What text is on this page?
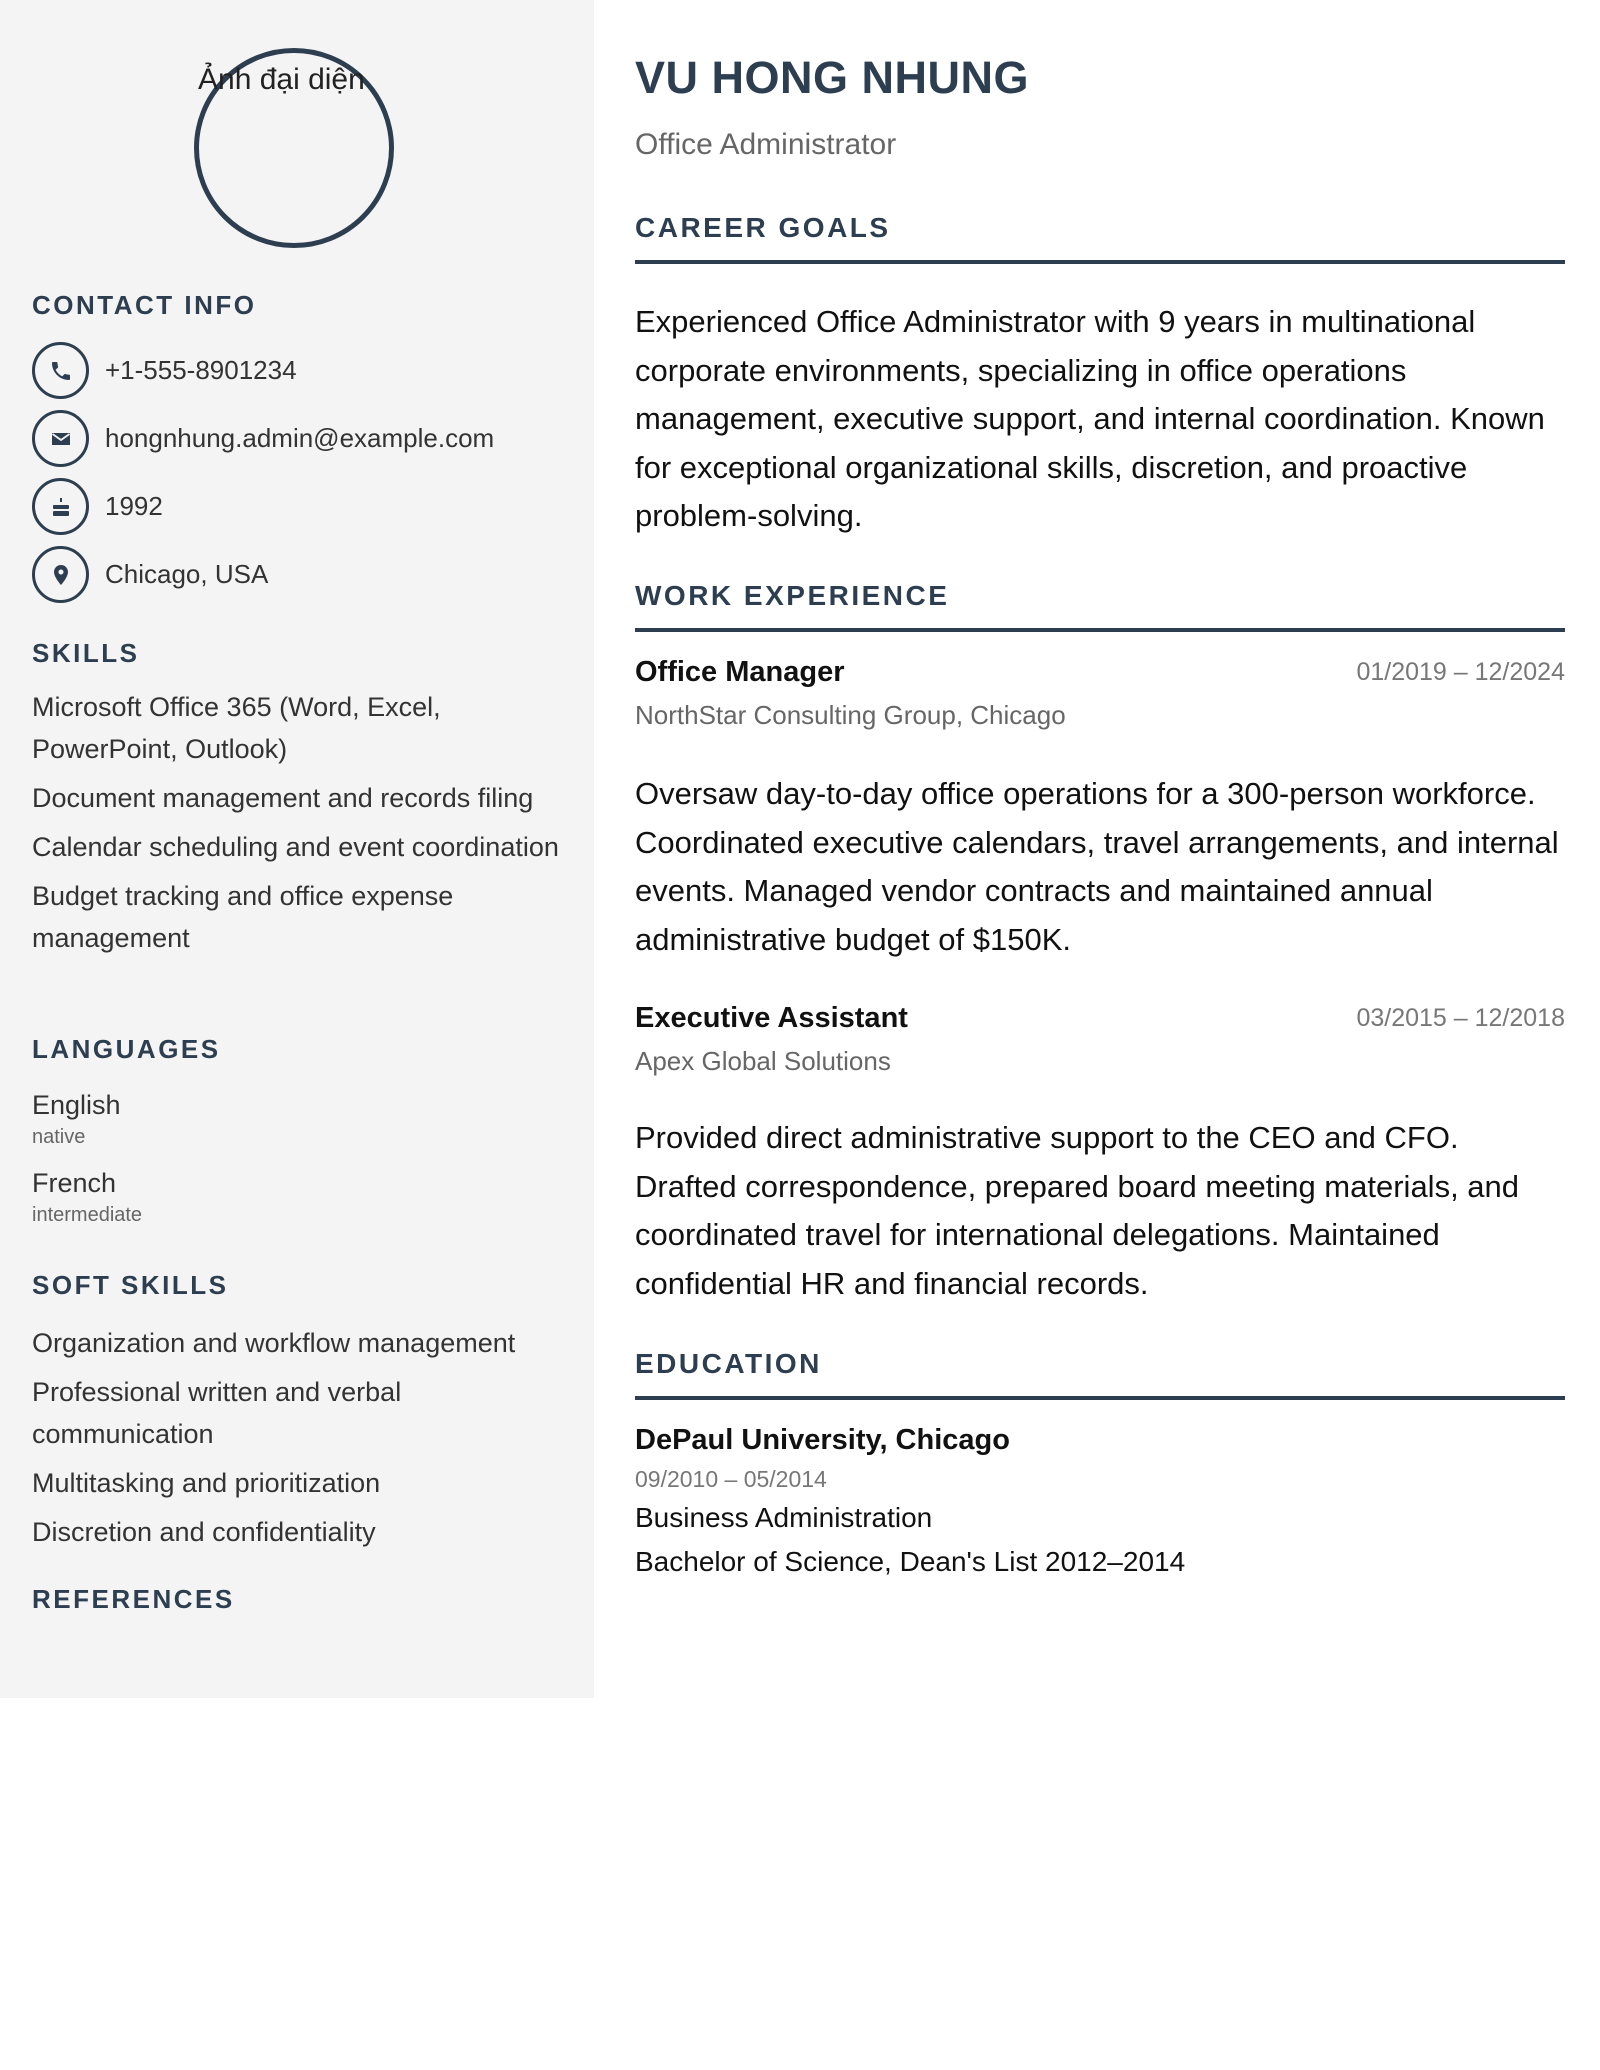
Ảnh đại diện
CONTACT INFO
+1-555-8901234
hongnhung.admin@example.com
1992
Chicago, USA
SKILLS
Microsoft Office 365 (Word, Excel, PowerPoint, Outlook)
Document management and records filing
Calendar scheduling and event coordination
Budget tracking and office expense management
LANGUAGES
English
native
French
intermediate
SOFT SKILLS
Organization and workflow management
Professional written and verbal communication
Multitasking and prioritization
Discretion and confidentiality
REFERENCES
VU HONG NHUNG
Office Administrator
CAREER GOALS

Experienced Office Administrator with 9 years in multinational corporate environments, specializing in office operations management, executive support, and internal coordination. Known for exceptional organizational skills, discretion, and proactive problem-solving.

WORK EXPERIENCE
Office Manager	01/2019 – 12/2024
NorthStar Consulting Group, Chicago

Oversaw day-to-day office operations for a 300-person workforce. Coordinated executive calendars, travel arrangements, and internal events. Managed vendor contracts and maintained annual administrative budget of $150K.

Executive Assistant	03/2015 – 12/2018
Apex Global Solutions

Provided direct administrative support to the CEO and CFO. Drafted correspondence, prepared board meeting materials, and coordinated travel for international delegations. Maintained confidential HR and financial records.

EDUCATION
DePaul University, Chicago
09/2010 – 05/2014
Business Administration
Bachelor of Science, Dean's List 2012–2014
